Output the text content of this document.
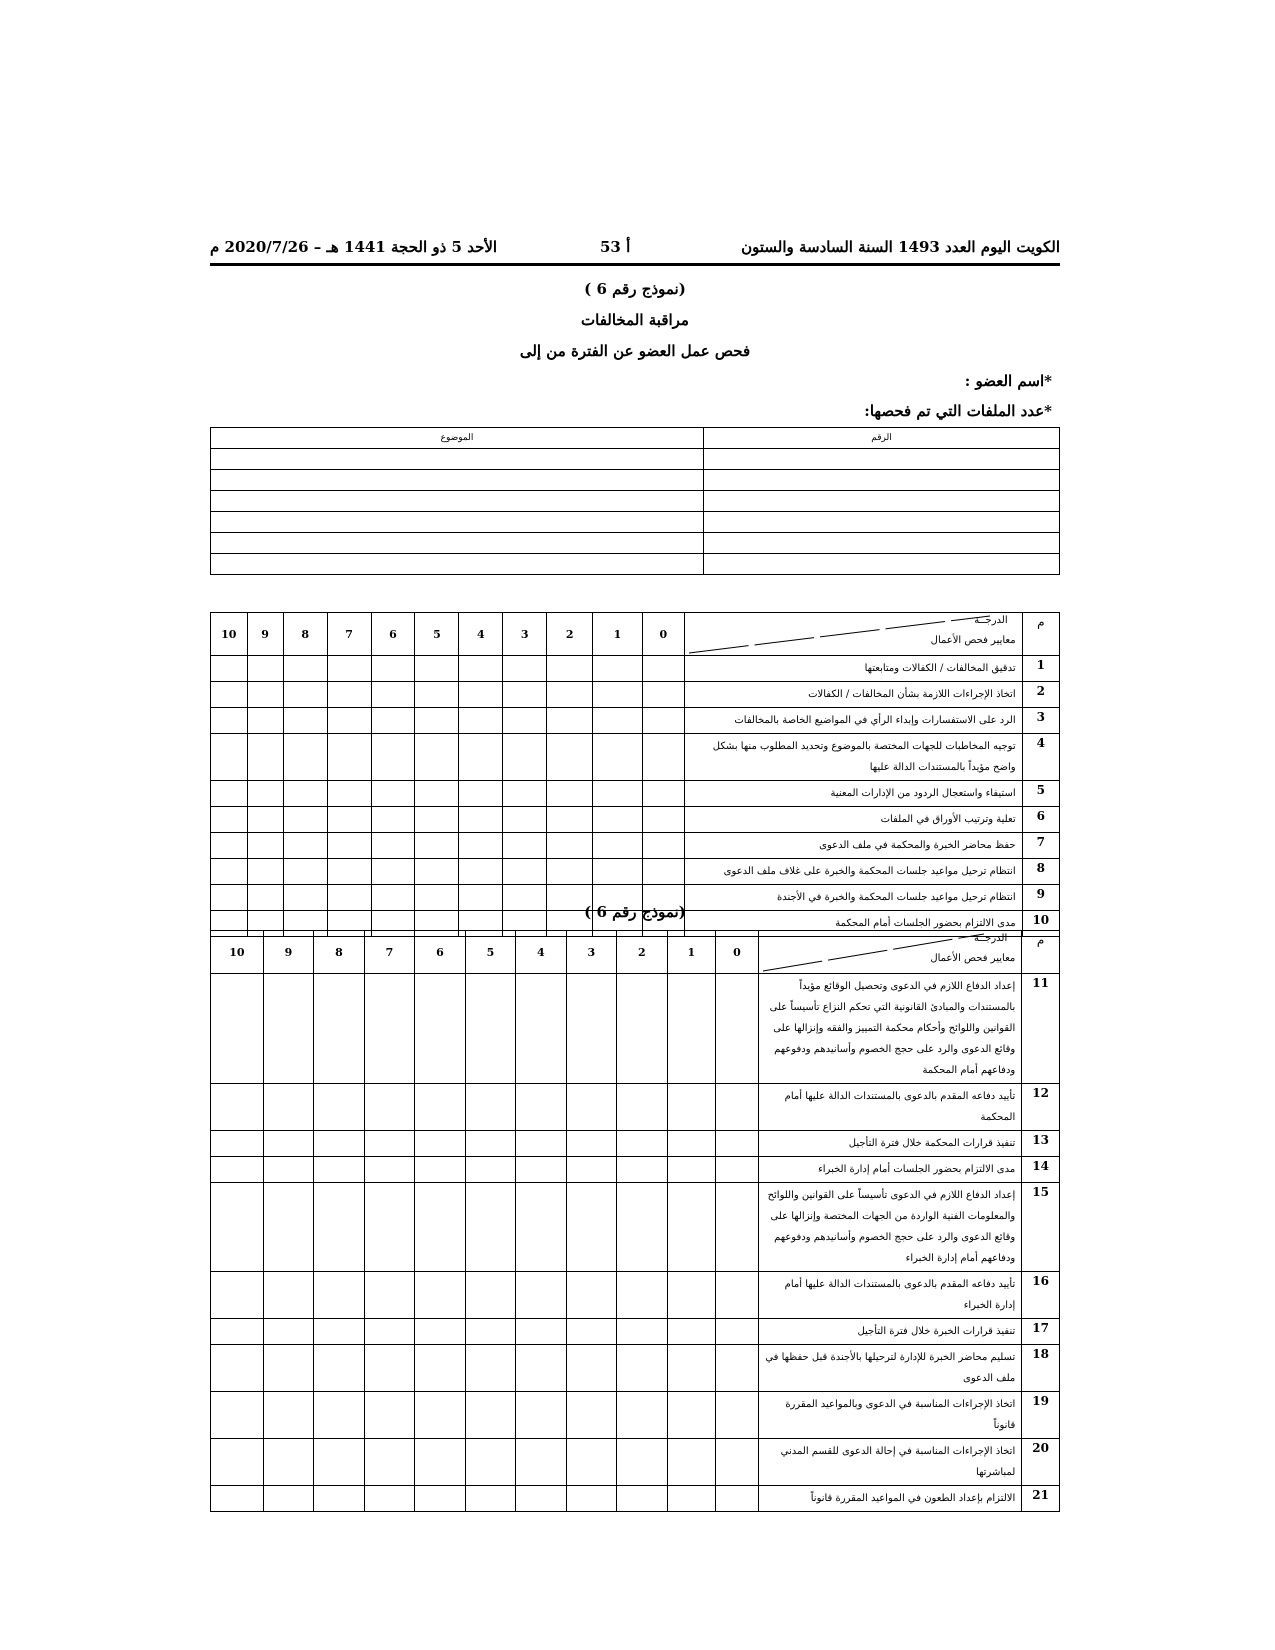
الكويت اليوم العدد 1493 السنة السادسة والستون
أ 53
الأحد 5 ذو الحجة 1441 هـ – 2020/7/26 م
(نموذج رقم 6 )
مراقبة المخالفات
فحص عمل العضو عن الفترة من إلى
*اسم العضو :
*عدد الملفات التي تم فحصها:
الرقم	الموضوع

م	الدرجــة
معايير فحص الأعمال	0	1	2	3	4	5	6	7	8	9	10
1	تدقيق المخالفات / الكفالات ومتابعتها											
2	اتخاذ الإجراءات اللازمة بشأن المخالفات / الكفالات											
3	الرد على الاستفسارات وإبداء الرأي في المواضيع الخاصة بالمخالفات											
4	توجيه المخاطبات للجهات المختصة بالموضوع وتحديد المطلوب منها بشكل واضح مؤيداً بالمستندات الدالة عليها											
5	استيفاء واستعجال الردود من الإدارات المعنية											
6	تعلية وترتيب الأوراق في الملفات											
7	حفظ محاضر الخبرة والمحكمة في ملف الدعوى											
8	انتظام ترحيل مواعيد جلسات المحكمة والخبرة على غلاف ملف الدعوى											
9	انتظام ترحيل مواعيد جلسات المحكمة والخبرة في الأجندة											
10	مدى الالتزام بحضور الجلسات أمام المحكمة											
(نموذج رقم 6 )
م	الدرجــة
معايير فحص الأعمال	0	1	2	3	4	5	6	7	8	9	10
11	إعداد الدفاع اللازم في الدعوى وتحصيل الوقائع مؤيداً بالمستندات والمبادئ القانونية التي تحكم النزاع تأسيساً على القوانين واللوائح وأحكام محكمة التمييز والفقه وإنزالها على وقائع الدعوى والرد على حجج الخصوم وأسانيدهم ودفوعهم ودفاعهم أمام المحكمة											
12	تأييد دفاعه المقدم بالدعوى بالمستندات الدالة عليها أمام المحكمة											
13	تنفيذ قرارات المحكمة خلال فترة التأجيل											
14	مدى الالتزام بحضور الجلسات أمام إدارة الخبراء											
15	إعداد الدفاع اللازم في الدعوى تأسيساً على القوانين واللوائح والمعلومات الفنية الواردة من الجهات المختصة وإنزالها على وقائع الدعوى والرد على حجج الخصوم وأسانيدهم ودفوعهم ودفاعهم أمام إدارة الخبراء											
16	تأييد دفاعه المقدم بالدعوى بالمستندات الدالة عليها أمام إدارة الخبراء											
17	تنفيذ قرارات الخبرة خلال فترة التأجيل											
18	تسليم محاضر الخبرة للإدارة لترحيلها بالأجندة قبل حفظها في ملف الدعوى											
19	اتخاذ الإجراءات المناسبة في الدعوى وبالمواعيد المقررة قانوناً											
20	اتخاذ الإجراءات المناسبة في إحالة الدعوى للقسم المدني لمباشرتها											
21	الالتزام بإعداد الطعون في المواعيد المقررة قانوناً											
